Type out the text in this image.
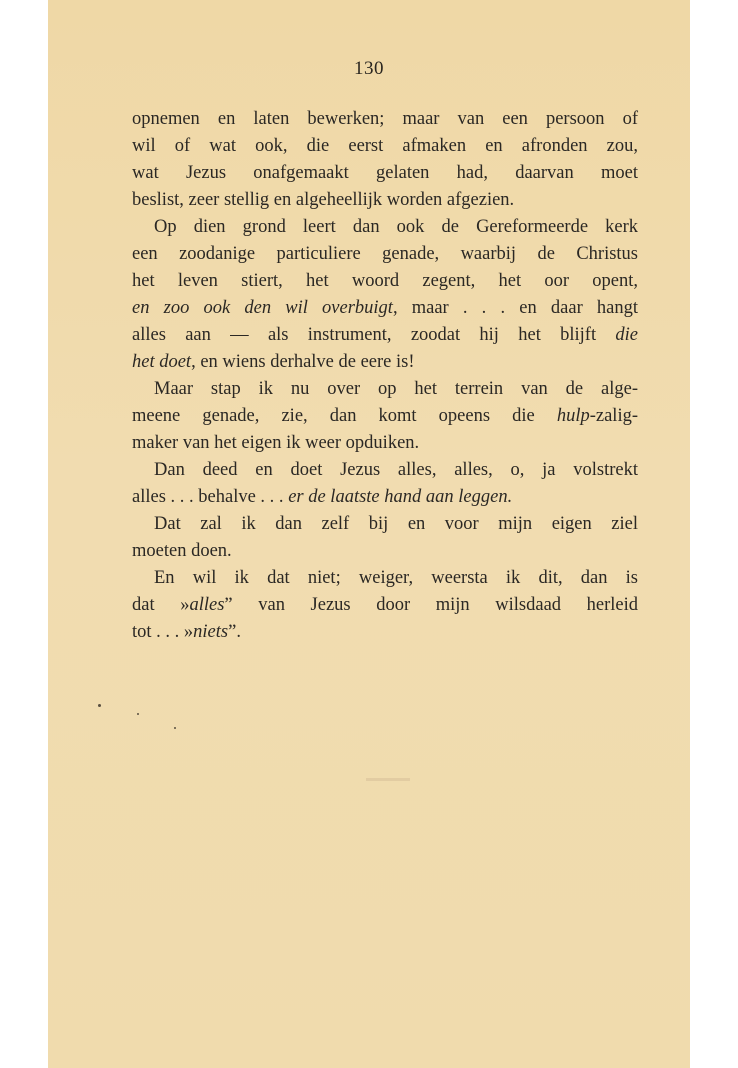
130
opnemen en laten bewerken; maar van een persoon of
wil of wat ook, die eerst afmaken en afronden zou,
wat Jezus onafgemaakt gelaten had, daarvan moet
beslist, zeer stellig en algeheellijk worden afgezien.
Op dien grond leert dan ook de Gereformeerde kerk
een zoodanige particuliere genade, waarbij de Christus
het leven stiert, het woord zegent, het oor opent,
en zoo ook den wil overbuigt, maar . . . en daar hangt
alles aan — als instrument, zoodat hij het blijft die
het doet, en wiens derhalve de eere is!
Maar stap ik nu over op het terrein van de alge-
meene genade, zie, dan komt opeens die hulp-zalig-
maker van het eigen ik weer opduiken.
Dan deed en doet Jezus alles, alles, o, ja volstrekt
alles . . . behalve . . . er de laatste hand aan leggen.
Dat zal ik dan zelf bij en voor mijn eigen ziel
moeten doen.
En wil ik dat niet; weiger, weersta ik dit, dan is
dat »alles” van Jezus door mijn wilsdaad herleid
tot . . . »niets”.
